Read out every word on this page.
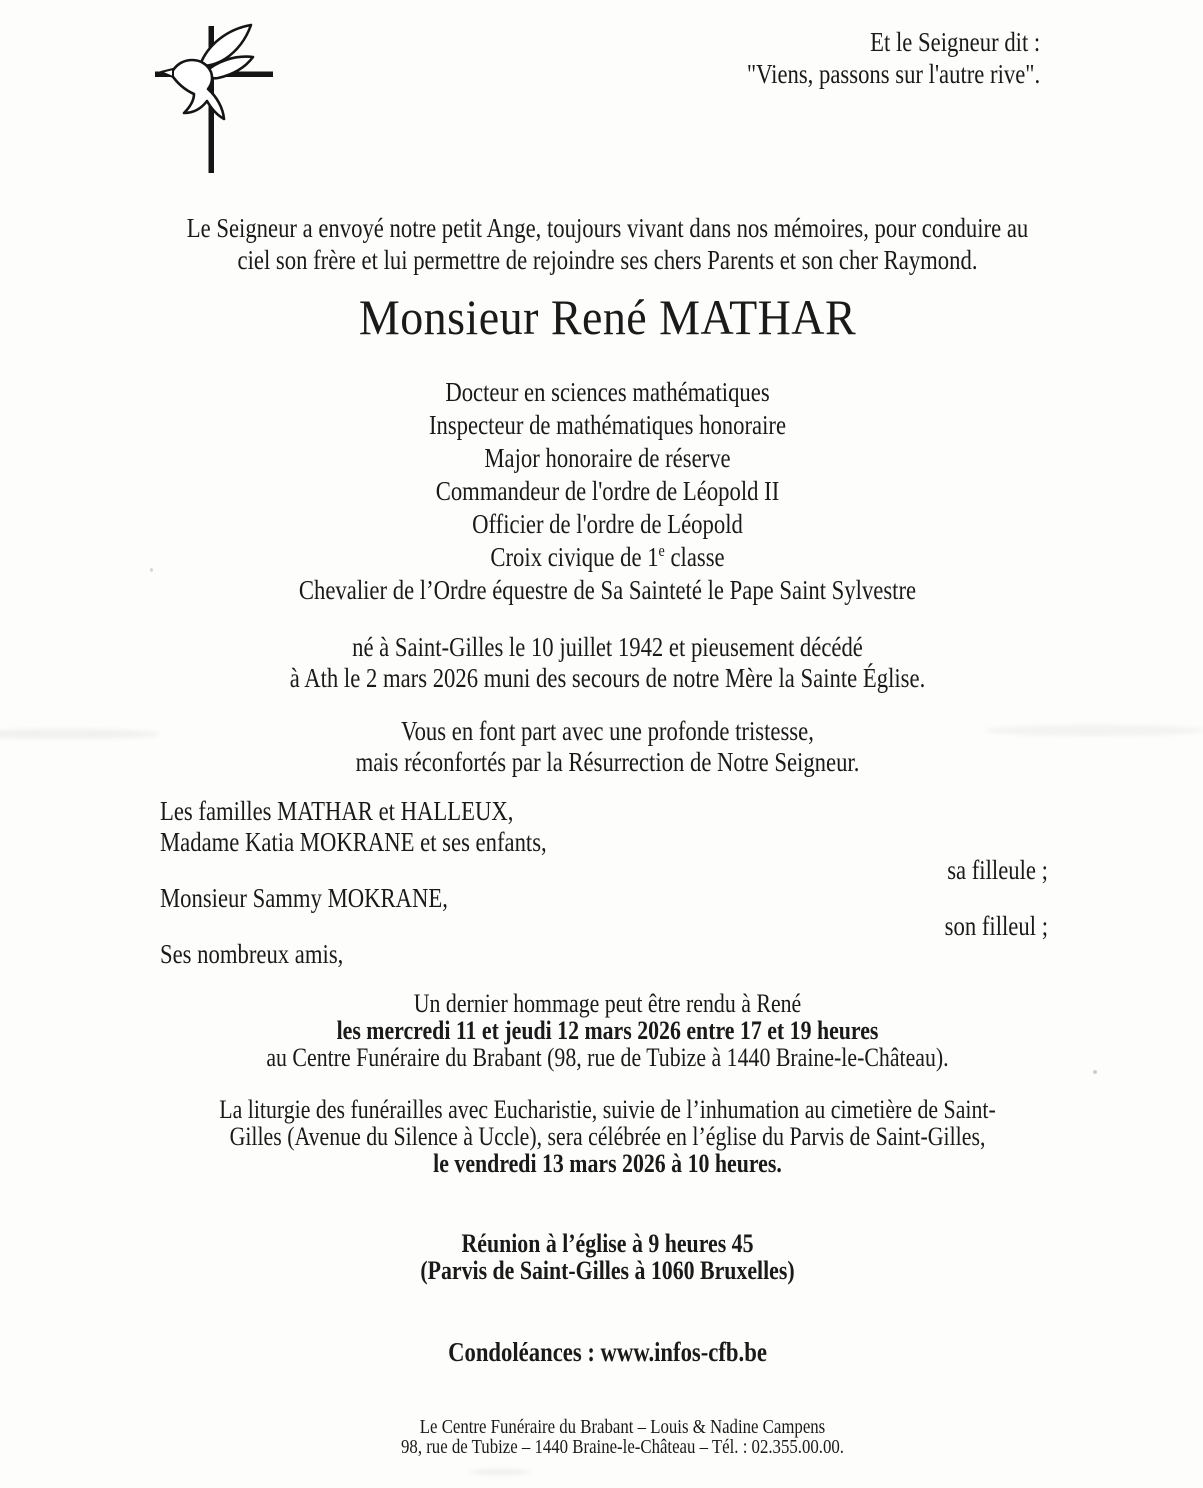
Et le Seigneur dit :
"Viens, passons sur l'autre rive".
Le Seigneur a envoyé notre petit Ange, toujours vivant dans nos mémoires, pour conduire au
ciel son frère et lui permettre de rejoindre ses chers Parents et son cher Raymond.
Monsieur René MATHAR
Docteur en sciences mathématiques
Inspecteur de mathématiques honoraire
Major honoraire de réserve
Commandeur de l'ordre de Léopold II
Officier de l'ordre de Léopold
Croix civique de 1e classe
Chevalier de l’Ordre équestre de Sa Sainteté le Pape Saint Sylvestre
né à Saint-Gilles le 10 juillet 1942 et pieusement décédé
à Ath le 2 mars 2026 muni des secours de notre Mère la Sainte Église.
Vous en font part avec une profonde tristesse,
mais réconfortés par la Résurrection de Notre Seigneur.
Les familles MATHAR et HALLEUX,
Madame Katia MOKRANE et ses enfants,
sa filleule ;
Monsieur Sammy MOKRANE,
son filleul ;
Ses nombreux amis,
Un dernier hommage peut être rendu à René
les mercredi 11 et jeudi 12 mars 2026 entre 17 et 19 heures
au Centre Funéraire du Brabant (98, rue de Tubize à 1440 Braine-le-Château).
La liturgie des funérailles avec Eucharistie, suivie de l’inhumation au cimetière de Saint-
Gilles (Avenue du Silence à Uccle), sera célébrée en l’église du Parvis de Saint-Gilles,
le vendredi 13 mars 2026 à 10 heures.
Réunion à l’église à 9 heures 45
(Parvis de Saint-Gilles à 1060 Bruxelles)
Condoléances : www.infos-cfb.be
Le Centre Funéraire du Brabant – Louis & Nadine Campens
98, rue de Tubize – 1440 Braine-le-Château – Tél. : 02.355.00.00.
